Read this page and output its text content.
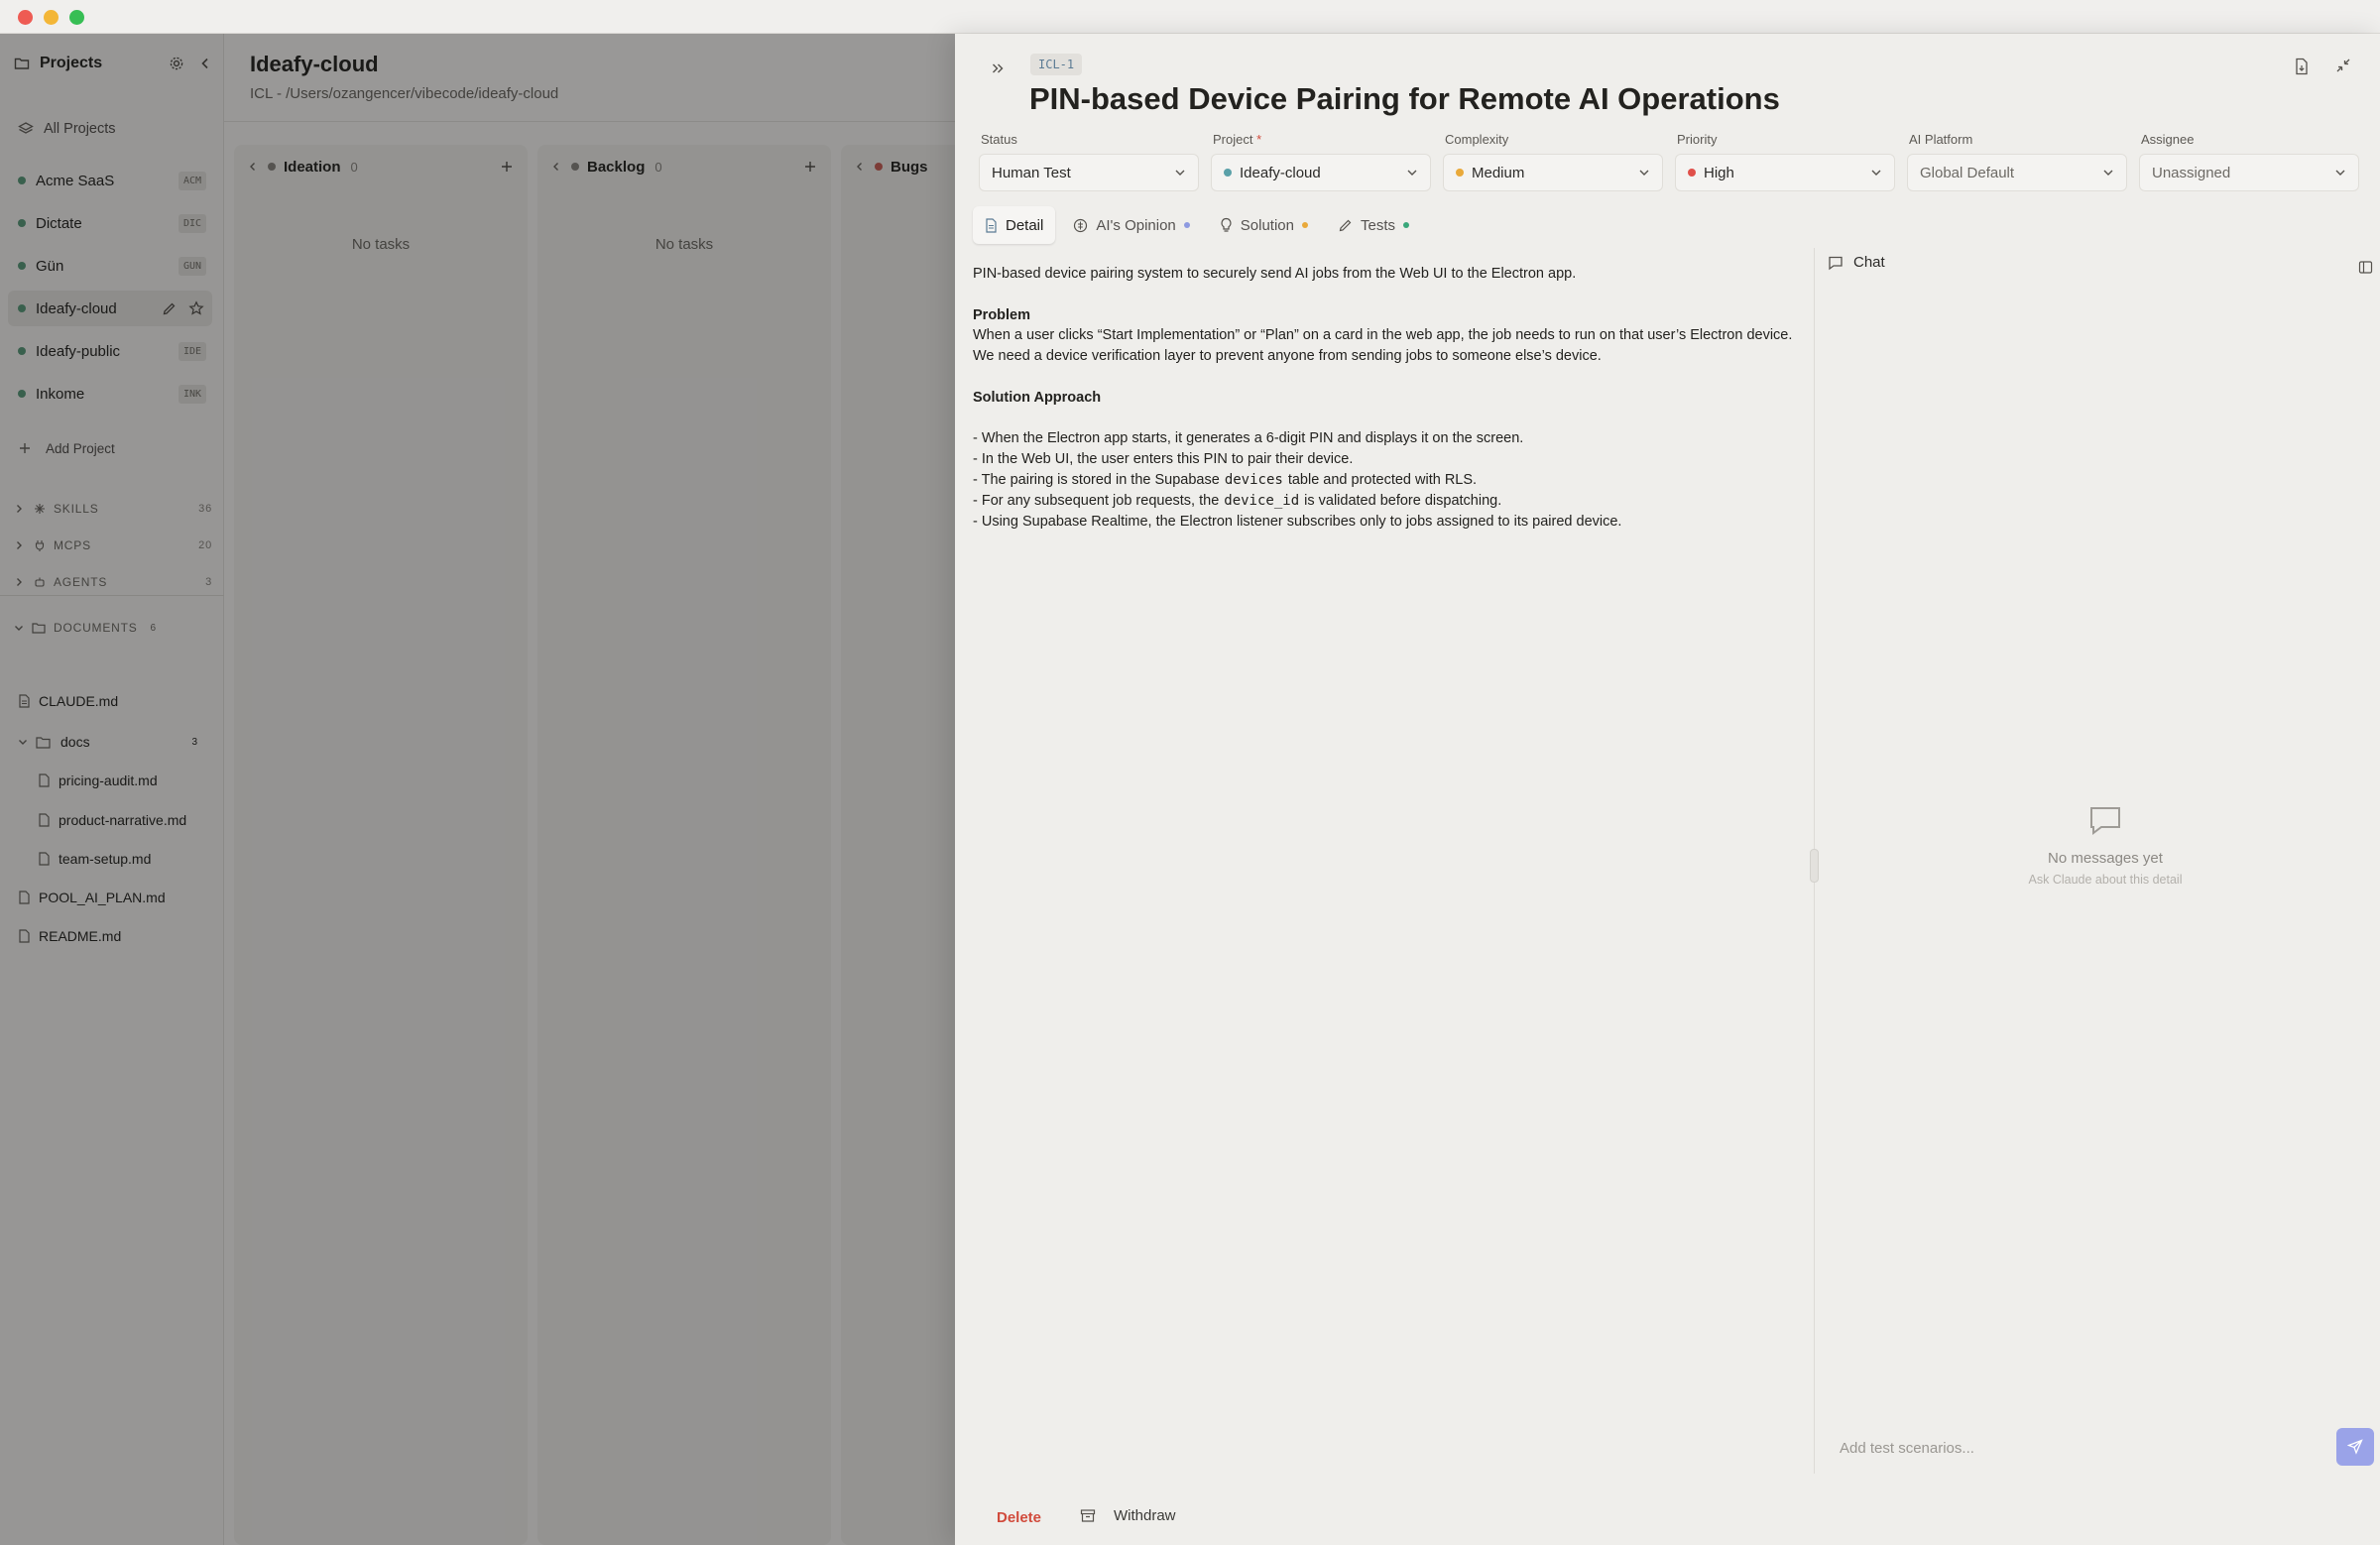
Projects
All Projects
Acme SaaS	ACM
Dictate	DIC
Gün	GUN
Ideafy-cloud
Ideafy-public	IDE
Inkome	INK
Add Project
SKILLS	36
MCPS	20
AGENTS	3
DOCUMENTS	6
CLAUDE.md
docs	3
pricing-audit.md
product-narrative.md
team-setup.md
POOL_AI_PLAN.md
README.md
Ideafy-cloud
ICL - /Users/ozangencer/vibecode/ideafy-cloud
Ideation 0
No tasks
Backlog 0
No tasks
Bugs
ICL-1
PIN-based Device Pairing for Remote AI Operations
Status
Human Test
Project *
Ideafy-cloud
Complexity
Medium
Priority
High
AI Platform
Global Default
Assignee
Unassigned
Detail	AI's Opinion	Solution	Tests

PIN-based device pairing system to securely send AI jobs from the Web UI to the Electron app.

Problem

When a user clicks “Start Implementation” or “Plan” on a card in the web app, the job needs to run on that user’s Electron device. We need a device verification layer to prevent anyone from sending jobs to someone else’s device.

Solution Approach

- When the Electron app starts, it generates a 6-digit PIN and displays it on the screen.

- In the Web UI, the user enters this PIN to pair their device.

- The pairing is stored in the Supabase devices table and protected with RLS.

- For any subsequent job requests, the device_id is validated before dispatching.

- Using Supabase Realtime, the Electron listener subscribes only to jobs assigned to its paired device.

Chat
No messages yet
Ask Claude about this detail
Add test scenarios...
Delete	Withdraw
